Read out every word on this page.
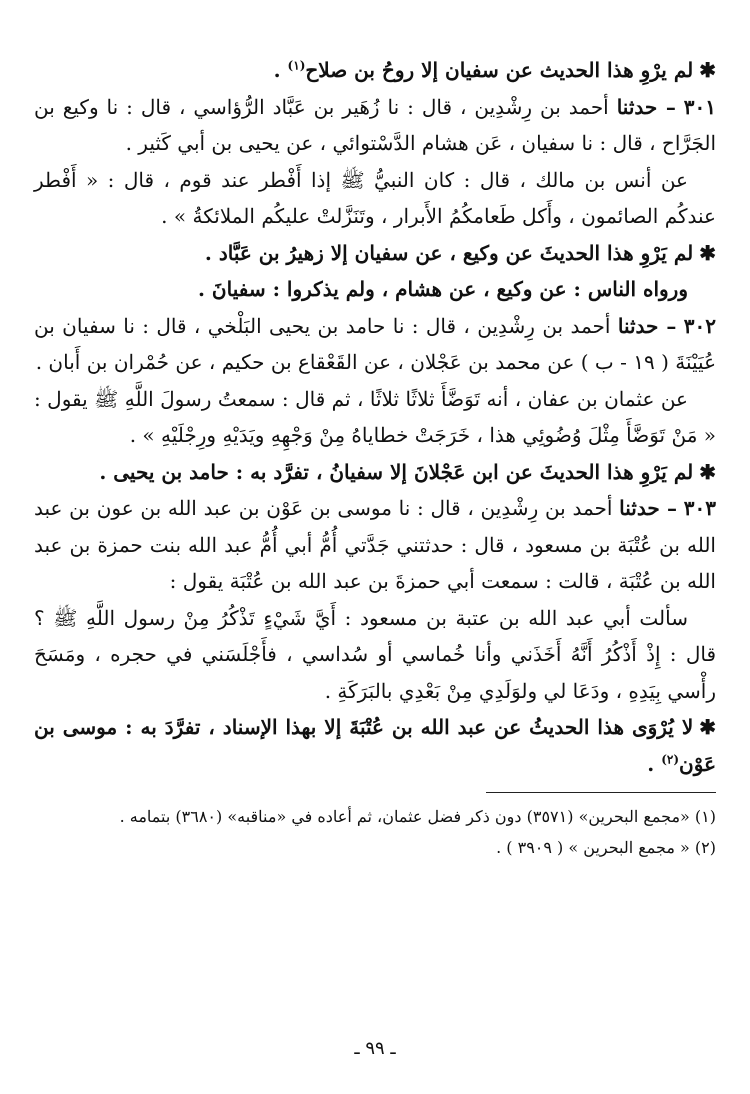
✱لم يرْوِ هذا الحديث عن سفيان إلا روحُ بن صلاح$^{(١)}$ .

٣٠١ – حدثنا أحمد بن رِشْدِين ، قال : نا زُهَير بن عَبَّاد الرُّؤاسي ، قال : نا وكيع بن الجَرَّاح ، قال : نا سفيان ، عَن هشام الدَّسْتوائي ، عن يحيى بن أبي كَثير .

عن أنس بن مالك ، قال : كان النبيُّ ﷺ إذا أَفْطر عند قوم ، قال : « أَفْطر عندكُم الصائمون ، وأَكل طَعامكُمُ الأَبرار ، وتَنَزَّلتْ عليكُم الملائكةُ » .

✱لم يَرْوِ هذا الحديثَ عن وكيع ، عن سفيان إلا زهيرُ بن عَبَّاد .

ورواه الناس : عن وكيع ، عن هشام ، ولم يذكروا : سفيانَ .

٣٠٢ – حدثنا أحمد بن رِشْدِين ، قال : نا حامد بن يحيى البَلْخي ، قال : نا سفيان بن عُيَيْنَةَ ( ١٩ - ب ) عن محمد بن عَجْلان ، عن القَعْقاع بن حكيم ، عن حُمْران بن أَبان .

عن عثمان بن عفان ، أنه تَوَضَّأَ ثلاثًا ثلاثًا ، ثم قال : سمعتُ رسولَ اللَّهِ ﷺ يقول : « مَنْ تَوَضَّأَ مِثْلَ وُضُوئِي هذا ، خَرَجَتْ خطاياهُ مِنْ وَجْهِهِ ويَدَيْهِ ورِجْلَيْهِ » .

✱لم يَرْوِ هذا الحديثَ عن ابن عَجْلانَ إلا سفيانُ ، تفرَّد به : حامد بن يحيى .

٣٠٣ – حدثنا أحمد بن رِشْدِين ، قال : نا موسى بن عَوْن بن عبد الله بن عون بن عبد الله بن عُتْبَة بن مسعود ، قال : حدثتني جَدَّتي أُمُّ أبي أُمُّ عبد الله بنت حمزة بن عبد الله بن عُتْبَة ، قالت : سمعت أبي حمزةَ بن عبد الله بن عُتْبَة يقول :

سألت أبي عبد الله بن عتبة بن مسعود : أَيَّ شَيْءٍ تَذْكُرُ مِنْ رسول اللَّهِ ﷺ ؟ قال : إِذْ أَذْكُرُ أَنَّهُ أَخَذَني وأنا خُماسي أو سُداسي ، فأَجْلَسَني في حجره ، ومَسَحَ رأْسي بِيَدِهِ ، ودَعَا لي ولوَلَدِي مِنْ بَعْدِي بالبَرَكَةِ .

✱لا يُرْوَى هذا الحديثُ عن عبد الله بن عُتْبَةَ إلا بهذا الإسناد ، تفرَّدَ به : موسى بن عَوْن$^{(٢)}$ .

(١) «مجمع البحرين» (٣٥٧١) دون ذكر فضل عثمان، ثم أعاده في «مناقبه» (٣٦٨٠) بتمامه .

(٢) « مجمع البحرين » ( ٣٩٠٩ ) .

ـ ٩٩ ـ
